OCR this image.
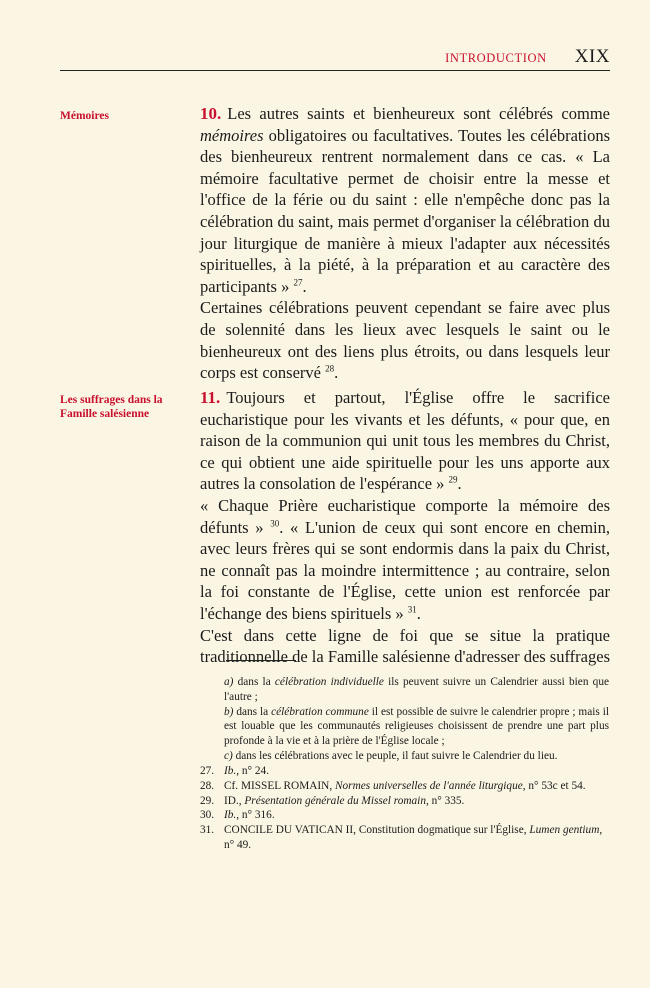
INTRODUCTION XIX
Mémoires	10. Les autres saints et bienheureux sont célébrés comme mémoires obligatoires ou facultatives. Toutes les célébrations des bienheureux rentrent normalement dans ce cas. « La mémoire facultative permet de choisir entre la messe et l'office de la férie ou du saint : elle n'empêche donc pas la célébration du saint, mais permet d'organiser la célébration du jour liturgique de manière à mieux l'adapter aux nécessités spirituelles, à la piété, à la préparation et au caractère des participants » $^{27}$.

Certaines célébrations peuvent cependant se faire avec plus de solennité dans les lieux avec lesquels le saint ou le bienheureux ont des liens plus étroits, ou dans lesquels leur corps est conservé $^{28}$.

Les suffrages dans la Famille salésienne

11. Toujours et partout, l'Église offre le sacrifice eucharistique pour les vivants et les défunts, « pour que, en raison de la communion qui unit tous les membres du Christ, ce qui obtient une aide spirituelle pour les uns apporte aux autres la consolation de l'espérance » $^{29}$.

« Chaque Prière eucharistique comporte la mémoire des défunts » $^{30}$. « L'union de ceux qui sont encore en chemin, avec leurs frères qui se sont endormis dans la paix du Christ, ne connaît pas la moindre intermittence ; au contraire, selon la foi constante de l'Église, cette union est renforcée par l'échange des biens spirituels » $^{31}$.

C'est dans cette ligne de foi que se situe la pratique traditionnelle de la Famille salésienne d'adresser des suffrages

a) dans la célébration individuelle ils peuvent suivre un Calendrier aussi bien que l'autre ;

b) dans la célébration commune il est possible de suivre le calendrier propre ; mais il est louable que les communautés religieuses choisissent de prendre une part plus profonde à la vie et à la prière de l'Église locale ;

c) dans les célébrations avec le peuple, il faut suivre le Calendrier du lieu.

27. Ib., n° 24.
28. Cf. MISSEL ROMAIN, Normes universelles de l'année liturgique, n° 53c et 54.
29. ID., Présentation générale du Missel romain, n° 335.
30. Ib., n° 316.
31. CONCILE DU VATICAN II, Constitution dogmatique sur l'Église, Lumen gentium, n° 49.
